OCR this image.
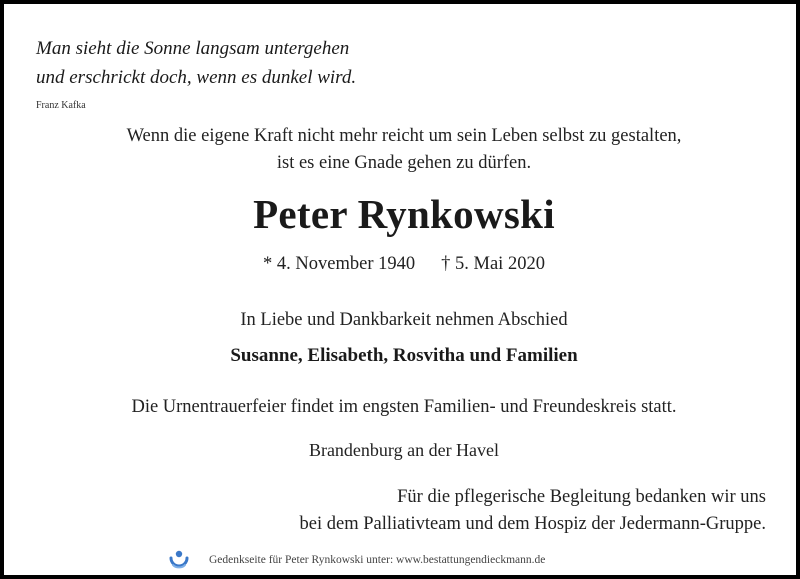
Man sieht die Sonne langsam untergehen
und erschrickt doch, wenn es dunkel wird.
Franz Kafka
Wenn die eigene Kraft nicht mehr reicht um sein Leben selbst zu gestalten,
ist es eine Gnade gehen zu dürfen.
Peter Rynkowski
* 4. November 1940 † 5. Mai 2020
In Liebe und Dankbarkeit nehmen Abschied
Susanne, Elisabeth, Rosvitha und Familien
Die Urnentrauerfeier findet im engsten Familien- und Freundeskreis statt.
Brandenburg an der Havel
Für die pflegerische Begleitung bedanken wir uns
bei dem Palliativteam und dem Hospiz der Jedermann-Gruppe.
Gedenkseite für Peter Rynkowski unter: www.bestattungendieckmann.de
